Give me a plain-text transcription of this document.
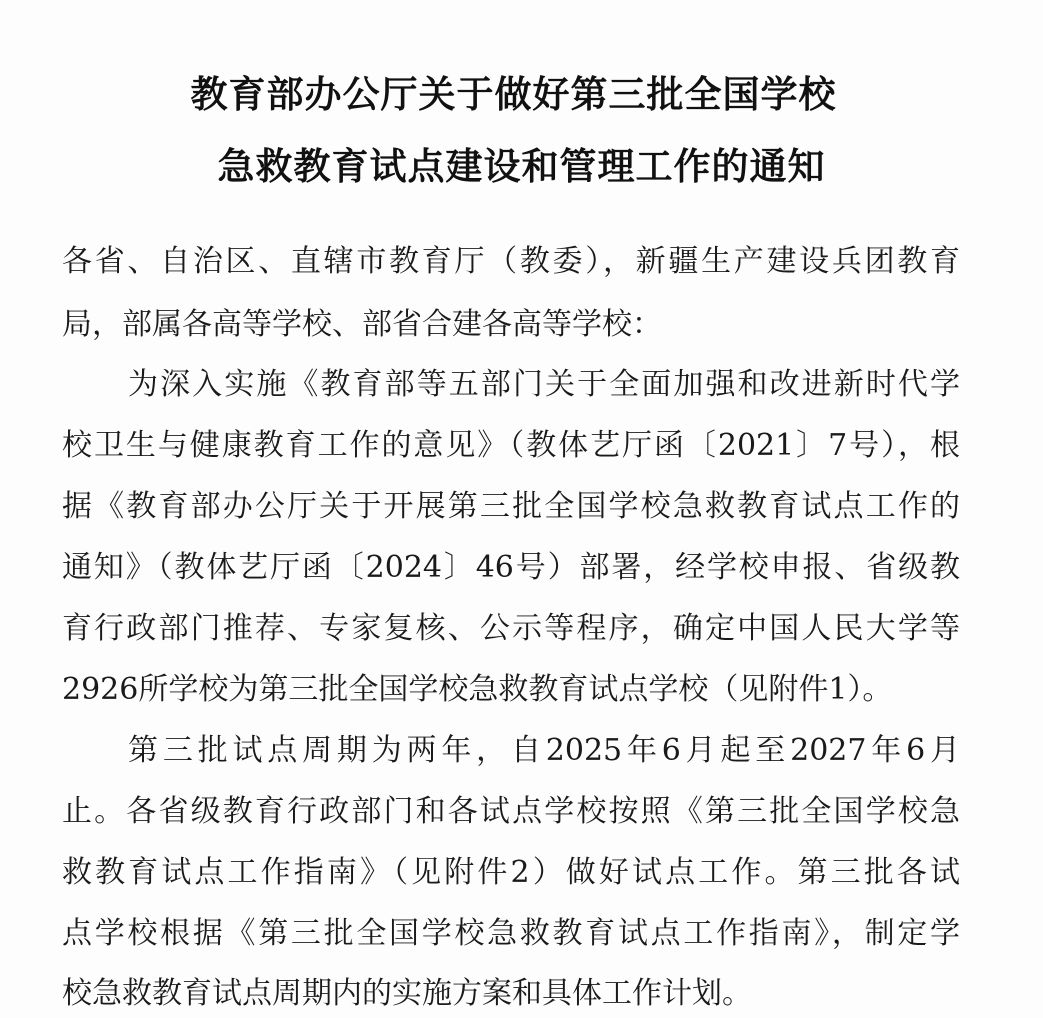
教育部办公厅关于做好第三批全国学校
急救教育试点建设和管理工作的通知
各省、自治区、直辖市教育厅（教委），新疆生产建设兵团教育
局，部属各高等学校、部省合建各高等学校：
为深入实施《教育部等五部门关于全面加强和改进新时代学
校卫生与健康教育工作的意见》（教体艺厅函〔2021〕7号），根
据《教育部办公厅关于开展第三批全国学校急救教育试点工作的
通知》（教体艺厅函〔2024〕46号）部署，经学校申报、省级教
育行政部门推荐、专家复核、公示等程序，确定中国人民大学等
2926所学校为第三批全国学校急救教育试点学校（见附件1）。
第三批试点周期为两年，自2025年6月起至2027年6月
止。各省级教育行政部门和各试点学校按照《第三批全国学校急
救教育试点工作指南》（见附件2）做好试点工作。第三批各试
点学校根据《第三批全国学校急救教育试点工作指南》，制定学
校急救教育试点周期内的实施方案和具体工作计划。
